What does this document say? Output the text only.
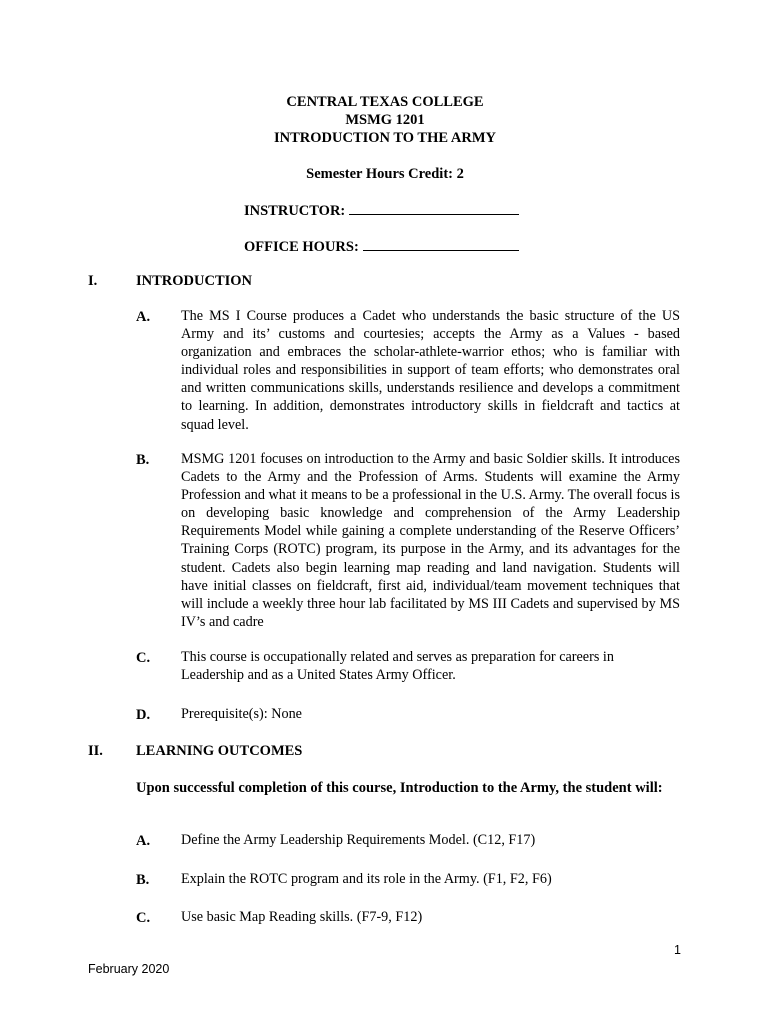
CENTRAL TEXAS COLLEGE
MSMG 1201
INTRODUCTION TO THE ARMY
Semester Hours Credit: 2
INSTRUCTOR:
OFFICE HOURS:
I.	INTRODUCTION
A. The MS I Course produces a Cadet who understands the basic structure of the US Army and its’ customs and courtesies; accepts the Army as a Values - based organization and embraces the scholar-athlete-warrior ethos; who is familiar with individual roles and responsibilities in support of team efforts; who demonstrates oral and written communications skills, understands resilience and develops a commitment to learning. In addition, demonstrates introductory skills in fieldcraft and tactics at squad level.
B. MSMG 1201 focuses on introduction to the Army and basic Soldier skills. It introduces Cadets to the Army and the Profession of Arms. Students will examine the Army Profession and what it means to be a professional in the U.S. Army. The overall focus is on developing basic knowledge and comprehension of the Army Leadership Requirements Model while gaining a complete understanding of the Reserve Officers’ Training Corps (ROTC) program, its purpose in the Army, and its advantages for the student. Cadets also begin learning map reading and land navigation. Students will have initial classes on fieldcraft, first aid, individual/team movement techniques that will include a weekly three hour lab facilitated by MS III Cadets and supervised by MS IV’s and cadre
C. This course is occupationally related and serves as preparation for careers in Leadership and as a United States Army Officer.
D. Prerequisite(s): None
II. LEARNING OUTCOMES
Upon successful completion of this course, Introduction to the Army, the student will:
A. Define the Army Leadership Requirements Model. (C12, F17)
B. Explain the ROTC program and its role in the Army. (F1, F2, F6)
C. Use basic Map Reading skills. (F7-9, F12)
1
February 2020
